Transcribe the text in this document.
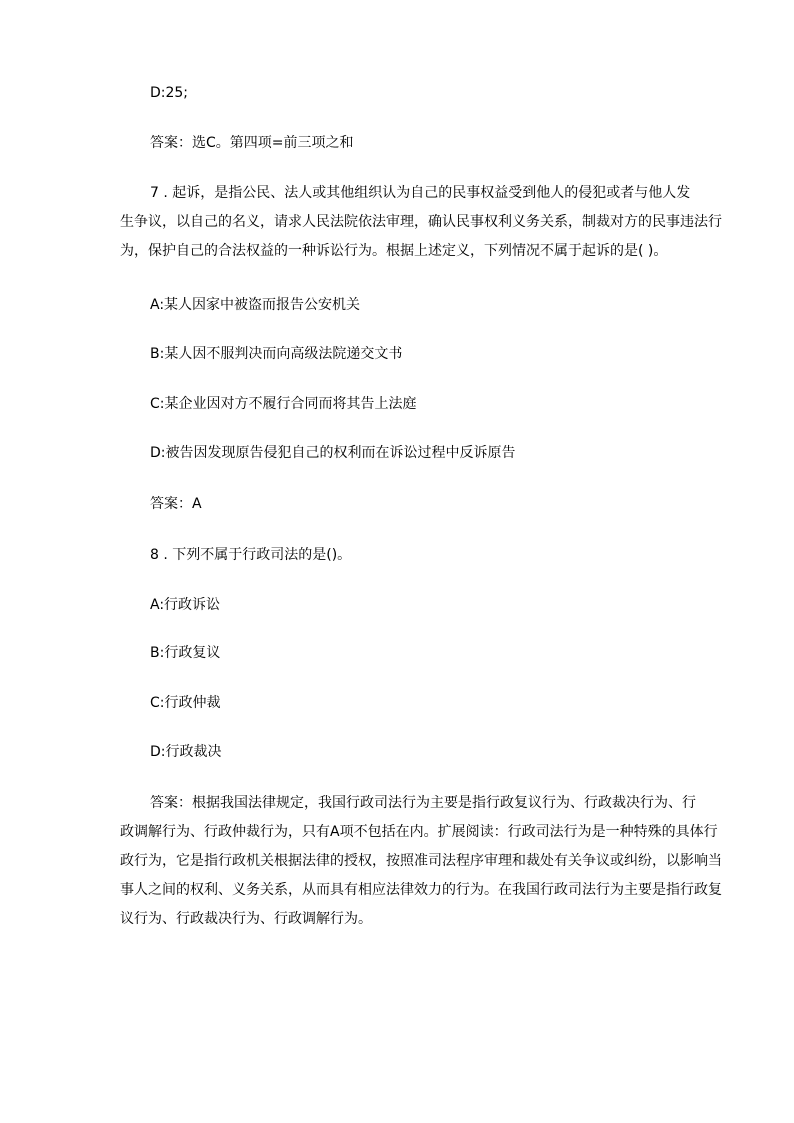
D:25;
答案：选C。第四项=前三项之和
7 . 起诉，是指公民、法人或其他组织认为自己的民事权益受到他人的侵犯或者与他人发
生争议，以自己的名义，请求人民法院依法审理，确认民事权利义务关系，制裁对方的民事违法行
为，保护自己的合法权益的一种诉讼行为。根据上述定义，下列情况不属于起诉的是( )。
A:某人因家中被盗而报告公安机关
B:某人因不服判决而向高级法院递交文书
C:某企业因对方不履行合同而将其告上法庭
D:被告因发现原告侵犯自己的权利而在诉讼过程中反诉原告
答案：A
8 . 下列不属于行政司法的是()。
A:行政诉讼
B:行政复议
C:行政仲裁
D:行政裁决
答案：根据我国法律规定，我国行政司法行为主要是指行政复议行为、行政裁决行为、行
政调解行为、行政仲裁行为，只有A项不包括在内。扩展阅读：行政司法行为是一种特殊的具体行
政行为，它是指行政机关根据法律的授权，按照准司法程序审理和裁处有关争议或纠纷，以影响当
事人之间的权利、义务关系，从而具有相应法律效力的行为。在我国行政司法行为主要是指行政复
议行为、行政裁决行为、行政调解行为。
